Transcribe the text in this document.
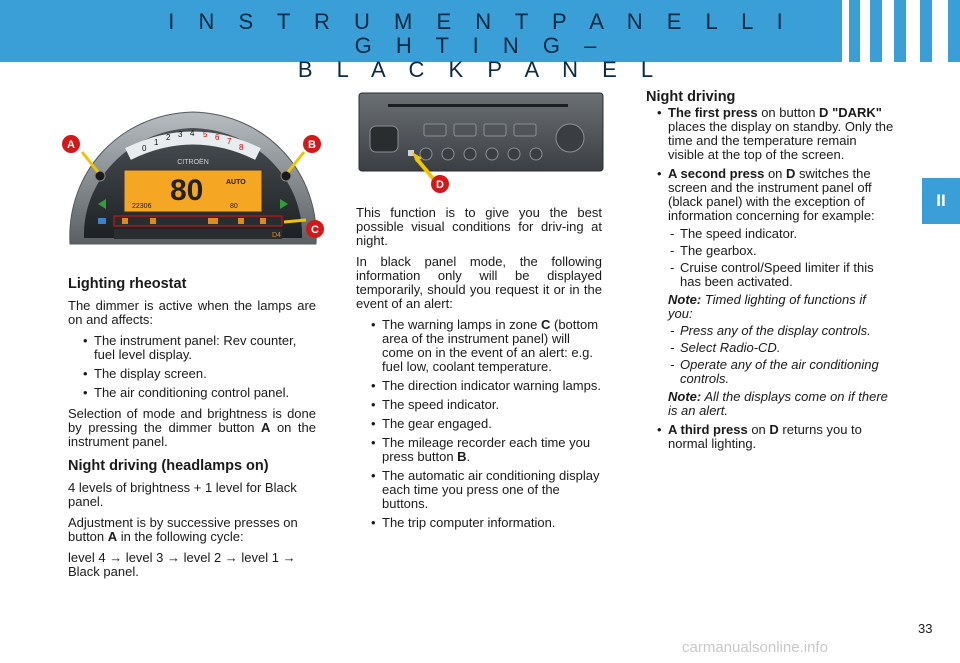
I N S T R U M E N T P A N E L L I G H T I N G –
B L A C K P A N E L
II
0
1
2 3 4 5 6 7
8
CITROËN
80	AUTO
22306	80
D4
A	B
C
D
Lighting rheostat

The dimmer is active when the lamps are on and affects:

• The instrument panel: Rev counter, fuel level display.
• The display screen.
• The air conditioning control panel.

Selection of mode and brightness is done by pressing the dimmer button A on the instrument panel.

Night driving (headlamps on)

4 levels of brightness + 1 level for Black panel.

Adjustment is by successive presses on button A in the following cycle:

level 4 → level 3 → level 2 → level 1 → Black panel.

This function is to give you the best possible visual conditions for driv-ing at night.

In black panel mode, the following information only will be displayed temporarily, should you request it or in the event of an alert:

• The warning lamps in zone C (bottom area of the instrument panel) will come on in the event of an alert: e.g. fuel low, coolant temperature.
• The direction indicator warning lamps.
• The speed indicator.
• The gear engaged.
• The mileage recorder each time you press button B.
• The automatic air conditioning display each time you press one of the buttons.
• The trip computer information.
Night driving
• The first press on button D "DARK" places the display on standby. Only the time and the temperature remain visible at the top of the screen.
• A second press on D switches the screen and the instrument panel off (black panel) with the exception of information concerning for example:
- The speed indicator.
- The gearbox.
- Cruise control/Speed limiter if this has been activated.
Note: Timed lighting of functions if you:
- Press any of the display controls.
- Select Radio-CD.
- Operate any of the air conditioning controls.
Note: All the displays come on if there is an alert.
• A third press on D returns you to normal lighting.
33
carmanualsonline.info
